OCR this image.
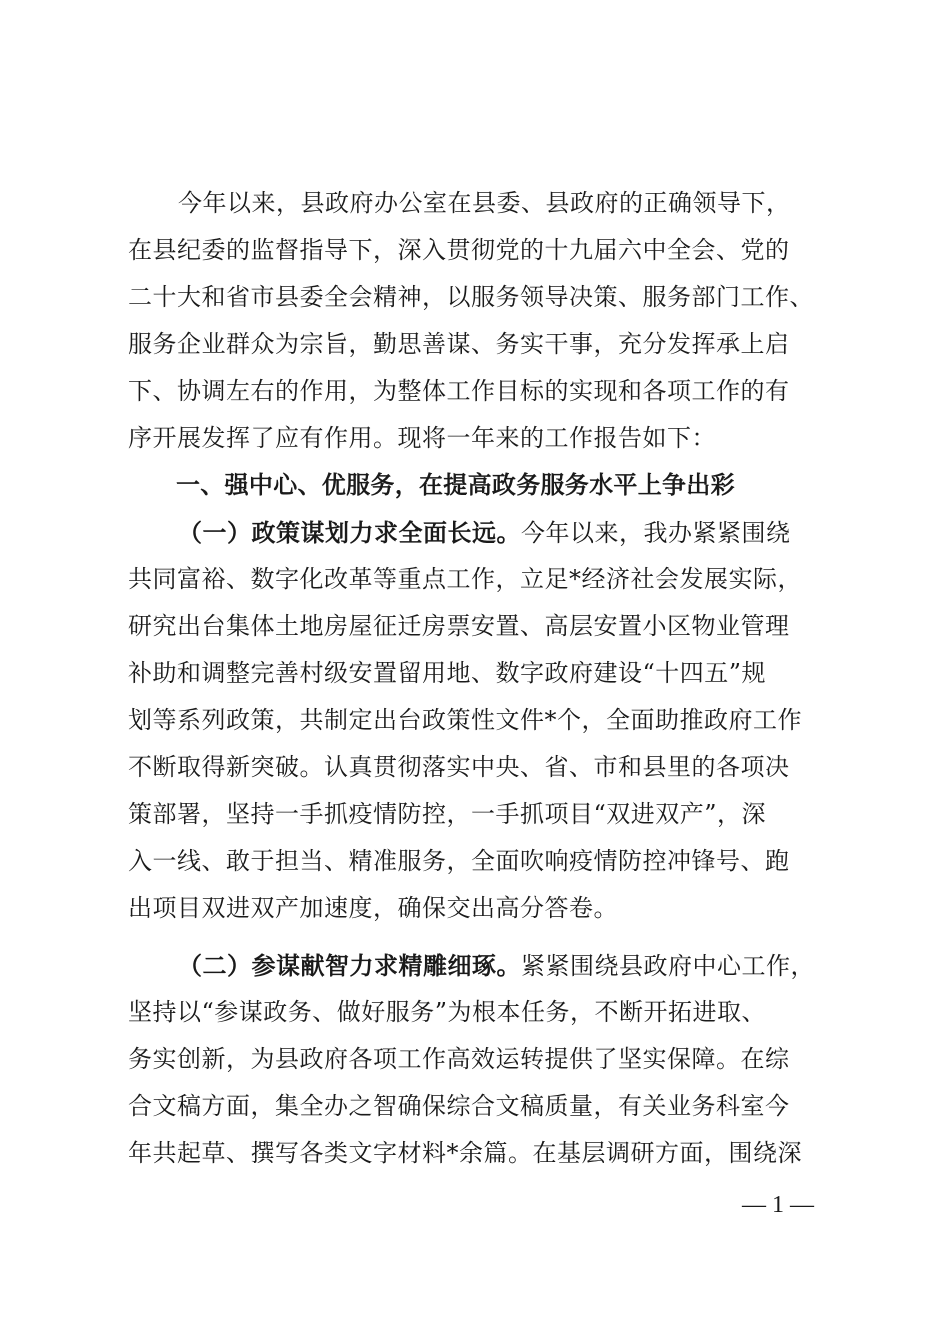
今年以来，县政府办公室在县委、县政府的正确领导下，
在县纪委的监督指导下，深入贯彻党的十九届六中全会、党的
二十大和省市县委全会精神，以服务领导决策、服务部门工作、
服务企业群众为宗旨，勤思善谋、务实干事，充分发挥承上启
下、协调左右的作用，为整体工作目标的实现和各项工作的有
序开展发挥了应有作用。现将一年来的工作报告如下：
一、强中心、优服务，在提高政务服务水平上争出彩
（一）政策谋划力求全面长远。今年以来，我办紧紧围绕
共同富裕、数字化改革等重点工作，立足*经济社会发展实际，
研究出台集体土地房屋征迁房票安置、高层安置小区物业管理
补助和调整完善村级安置留用地、数字政府建设“十四五”规
划等系列政策，共制定出台政策性文件*个，全面助推政府工作
不断取得新突破。认真贯彻落实中央、省、市和县里的各项决
策部署，坚持一手抓疫情防控，一手抓项目“双进双产”，深
入一线、敢于担当、精准服务，全面吹响疫情防控冲锋号、跑
出项目双进双产加速度，确保交出高分答卷。
（二）参谋献智力求精雕细琢。紧紧围绕县政府中心工作，
坚持以“参谋政务、做好服务”为根本任务，不断开拓进取、
务实创新，为县政府各项工作高效运转提供了坚实保障。在综
合文稿方面，集全办之智确保综合文稿质量，有关业务科室今
年共起草、撰写各类文字材料*余篇。在基层调研方面，围绕深
— 1 —
